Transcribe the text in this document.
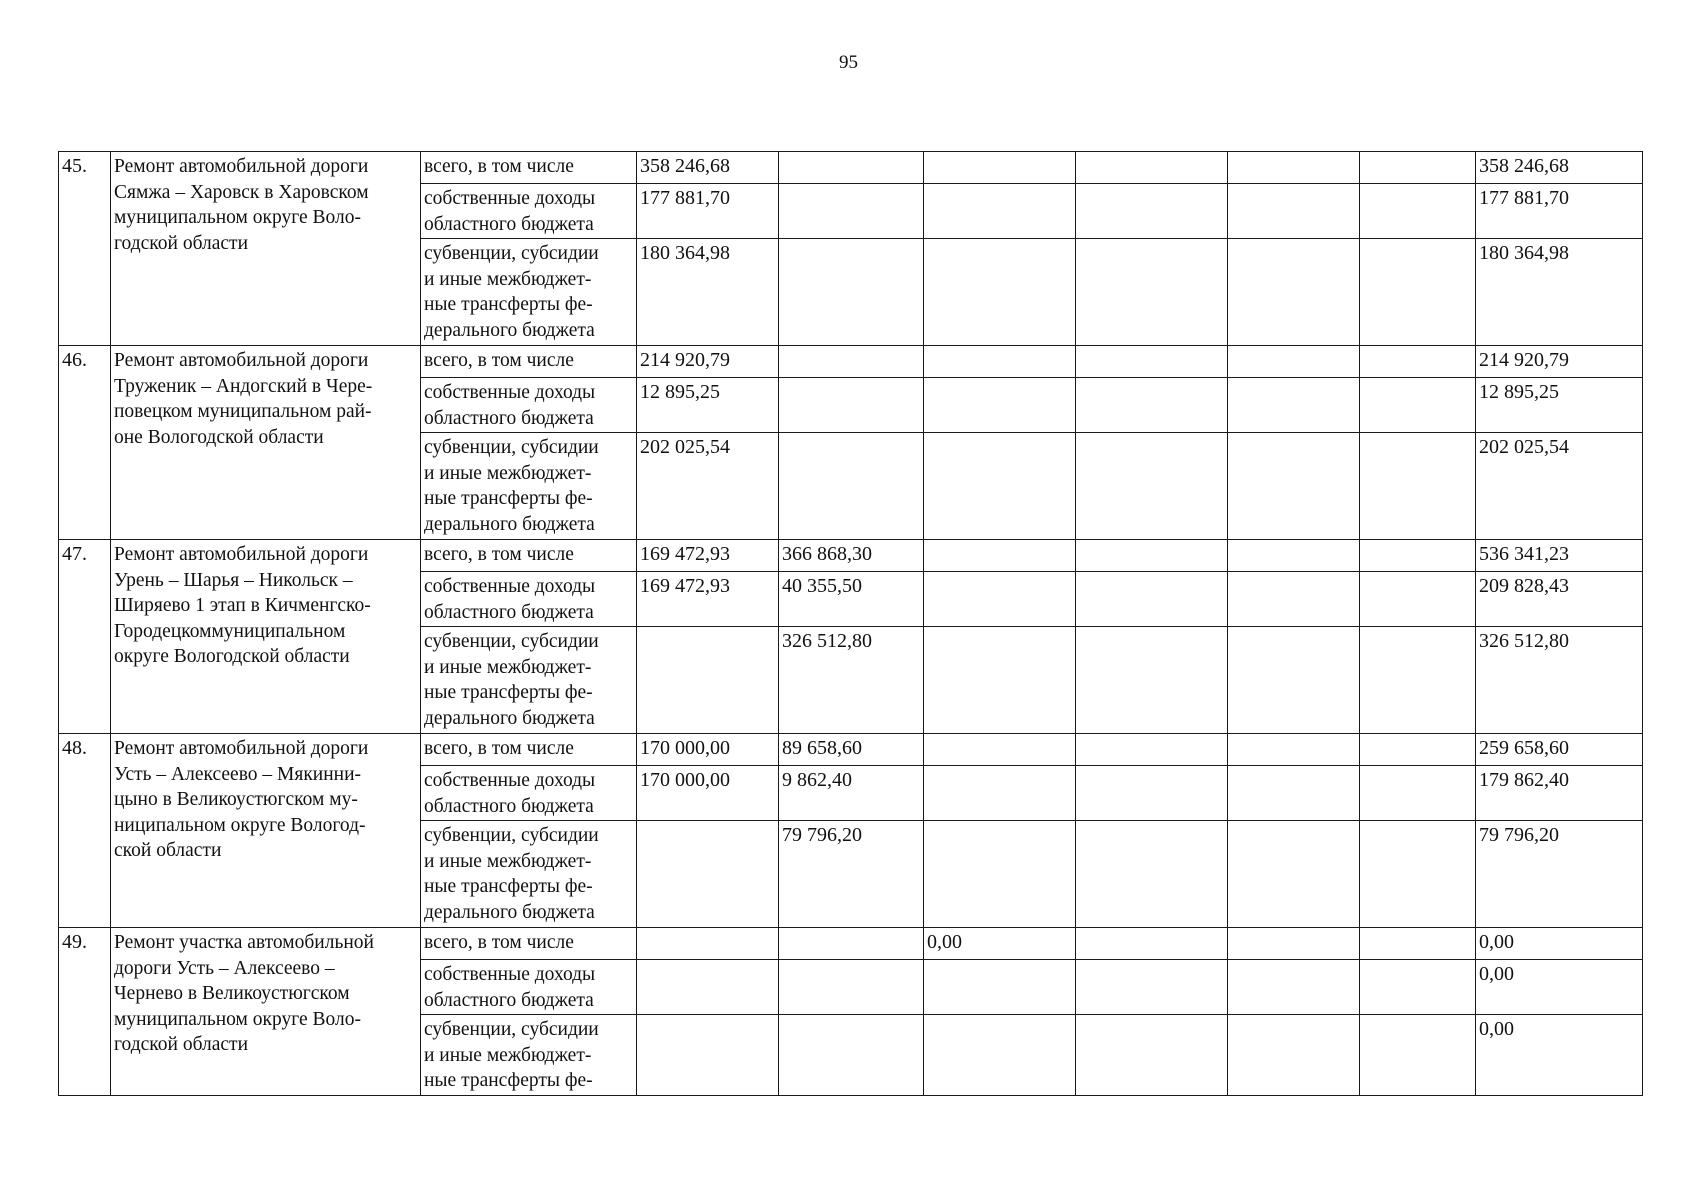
95
45.	Ремонт автомобильной дороги
Сямжа – Харовск в Харовском
муниципальном округе Воло-
годской области	всего, в том числе	358 246,68						358 246,68

		собственные доходы
областного бюджета	177 881,70						177 881,70

		субвенции, субсидии
и иные межбюджет-
ные трансферты фе-
дерального бюджета	180 364,98						180 364,98
46.	Ремонт автомобильной дороги
Труженик – Андогский в Чере-
повецком муниципальном рай-
оне Вологодской области	всего, в том числе	214 920,79						214 920,79

		собственные доходы
областного бюджета	12 895,25						12 895,25

		субвенции, субсидии
и иные межбюджет-
ные трансферты фе-
дерального бюджета	202 025,54						202 025,54
47.	Ремонт автомобильной дороги
Урень – Шарья – Никольск –
Ширяево 1 этап в Кичменгско-
Городецкоммуниципальном
округе Вологодской области	всего, в том числе	169 472,93	366 868,30					536 341,23

		собственные доходы
областного бюджета	169 472,93	40 355,50					209 828,43

		субвенции, субсидии
и иные межбюджет-
ные трансферты фе-
дерального бюджета		326 512,80					326 512,80
48.	Ремонт автомобильной дороги
Усть – Алексеево – Мякинни-
цыно в Великоустюгском му-
ниципальном округе Вологод-
ской области	всего, в том числе	170 000,00	89 658,60					259 658,60

		собственные доходы
областного бюджета	170 000,00	9 862,40					179 862,40

		субвенции, субсидии
и иные межбюджет-
ные трансферты фе-
дерального бюджета		79 796,20					79 796,20
49.	Ремонт участка автомобильной
дороги Усть – Алексеево –
Чернево в Великоустюгском
муниципальном округе Воло-
годской области	всего, в том числе			0,00				0,00

		собственные доходы
областного бюджета							0,00

		субвенции, субсидии
и иные межбюджет-
ные трансферты фе-							0,00
